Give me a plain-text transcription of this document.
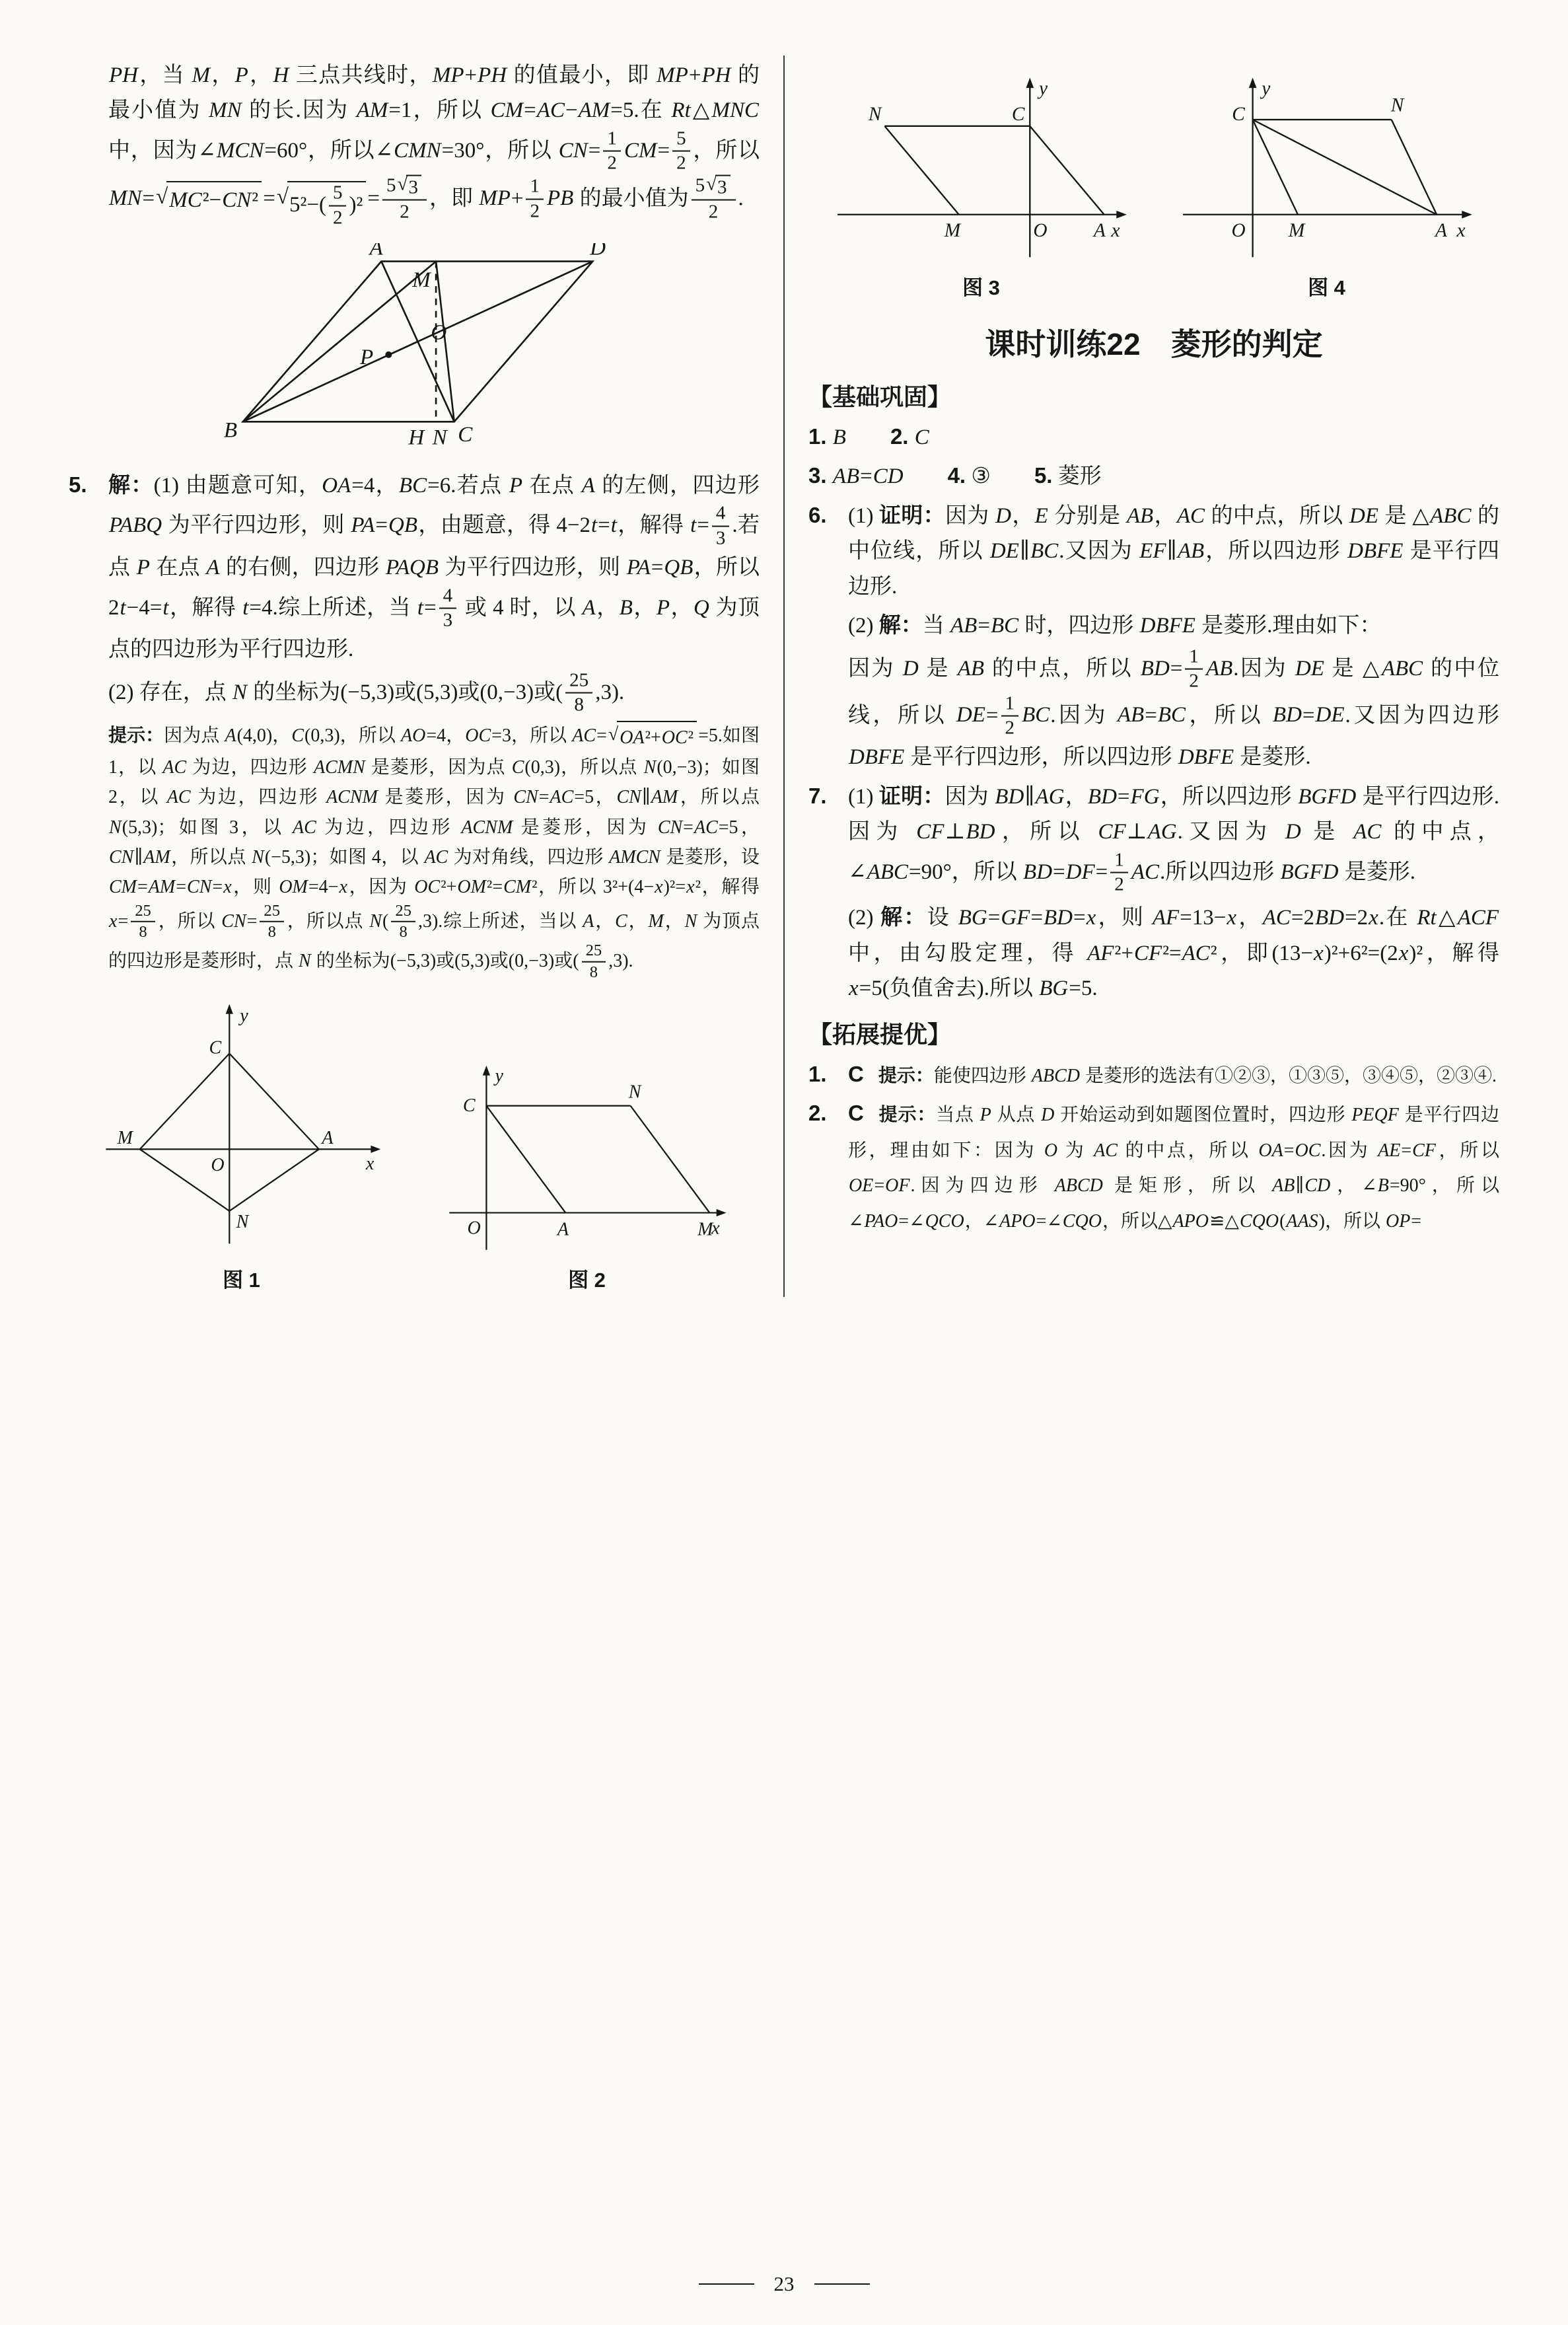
PH，当 M，P，H 三点共线时，MP+PH 的值最小，即 MP+PH 的最小值为 MN 的长.因为 AM=1，所以 CM=AC−AM=5.在 Rt△MNC 中，因为∠MCN=60°，所以∠CMN=30°，所以 $CN= \frac{1}{2} CM= \frac{5}{2}$ ，所以 MN= √ MC²−CN² = √ $5^2-( \frac{5}{2} )^2 = \frac{5 √ 3}{2}$ ，即 $MP+ \frac{1}{2}$ PB 的最小值为 $\frac{5 √ 3}{2}$ .

A	D
M
O
P
B	H N C
5. 解：(1) 由题意可知，OA=4，BC=6.若点 P 在点 A 的左侧，四边形 PABQ 为平行四边形，则 PA=QB，由题意，得 4−2t=t，解得 $t= \frac{4}{3}$ .若点 P 在点 A 的右侧，四边形 PAQB 为平行四边形，则 PA=QB，所以 2t−4=t，解得 t=4.综上所述，当 $t= \frac{4}{3}$ 或 4 时，以 A，B，P，Q 为顶点的四边形为平行四边形.

(2) 存在，点 N 的坐标为(−5,3)或(5,3)或(0,−3)或( $\frac{25}{8} ,3$).

提示：因为点 A(4,0)，C(0,3)，所以 AO=4，OC=3，所以 AC= √ OA²+OC² =5.如图 1，以 AC 为边，四边形 ACMN 是菱形，因为点 C(0,3)，所以点 N(0,−3)；如图 2，以 AC 为边，四边形 ACNM 是菱形，因为 CN=AC=5，CN∥AM，所以点 N(5,3)；如图 3，以 AC 为边，四边形 ACNM 是菱形，因为 CN=AC=5，CN∥AM，所以点 N(−5,3)；如图 4，以 AC 为对角线，四边形 AMCN 是菱形，设 CM=AM=CN=x，则 OM=4−x，因为 OC²+OM²=CM²，所以 3²+(4−x)²=x²，解得 $x= \frac{25}{8}$ ，所以 $CN= \frac{25}{8}$ ，所以点 $N( \frac{25}{8} ,3)$.综上所述，当以 A，C，M，N 为顶点的四边形是菱形时，点 N 的坐标为(−5,3)或(5,3)或(0,−3)或( $\frac{25}{8} ,3$).

y
x
O
M	A
C
N
图 1
y
x
O	A	M
C
N
图 2
y
x
M	O A
N	C
图 3
y
x
O M	A
C	N
图 4
课时训练22　菱形的判定
【基础巩固】

1. B　　 2. C

3. AB=CD　　 4. ③　　5. 菱形

6. (1) 证明：因为 D，E 分别是 AB，AC 的中点，所以 DE 是 △ABC 的中位线，所以 DE∥BC.又因为 EF∥AB，所以四边形 DBFE 是平行四边形.

(2) 解：当 AB=BC 时，四边形 DBFE 是菱形.理由如下：

因为 D 是 AB 的中点，所以 $BD= \frac{1}{2}$ AB.因为 DE 是 △ABC 的中位线，所以 $DE= \frac{1}{2}$ BC.因为 AB=BC，所以 BD=DE.又因为四边形 DBFE 是平行四边形，所以四边形 DBFE 是菱形.

7. (1) 证明：因为 BD∥AG，BD=FG，所以四边形 BGFD 是平行四边形.因为 CF⊥BD，所以 CF⊥AG.又因为 D 是 AC 的中点，∠ABC=90°，所以 $BD=DF= \frac{1}{2}$ AC.所以四边形 BGFD 是菱形.

(2) 解：设 BG=GF=BD=x，则 AF=13−x，AC=2BD=2x.在 Rt△ACF 中，由勾股定理，得 AF²+CF²=AC²，即(13−x)²+6²=(2x)²，解得 x=5(负值舍去).所以 BG=5.

【拓展提优】
1. C 提示：能使四边形 ABCD 是菱形的选法有①②③，①③⑤，③④⑤，②③④.

2. C 提示：当点 P 从点 D 开始运动到如题图位置时，四边形 PEQF 是平行四边形，理由如下：因为 O 为 AC 的中点，所以 OA=OC.因为 AE=CF，所以 OE=OF.因为四边形 ABCD 是矩形，所以 AB∥CD，∠B=90°，所以∠PAO=∠QCO，∠APO=∠CQO，所以△APO≌△CQO(AAS)，所以 OP=

23
